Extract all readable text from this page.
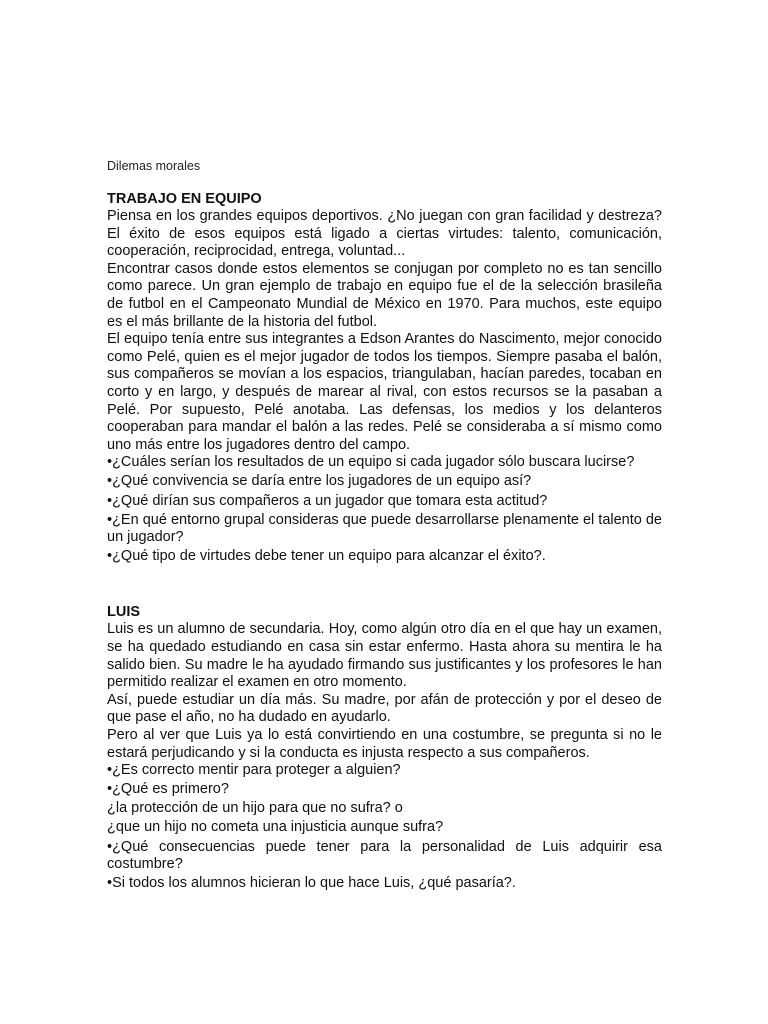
Dilemas morales

TRABAJO EN EQUIPO

Piensa en los grandes equipos deportivos. ¿No juegan con gran facilidad y destreza? El éxito de esos equipos está ligado a ciertas virtudes: talento, comunicación, cooperación, reciprocidad, entrega, voluntad...

Encontrar casos donde estos elementos se conjugan por completo no es tan sencillo como parece. Un gran ejemplo de trabajo en equipo fue el de la selección brasileña de futbol en el Campeonato Mundial de México en 1970. Para muchos, este equipo es el más brillante de la historia del futbol.

El equipo tenía entre sus integrantes a Edson Arantes do Nascimento, mejor conocido como Pelé, quien es el mejor jugador de todos los tiempos. Siempre pasaba el balón, sus compañeros se movían a los espacios, triangulaban, hacían paredes, tocaban en corto y en largo, y después de marear al rival, con estos recursos se la pasaban a Pelé. Por supuesto, Pelé anotaba. Las defensas, los medios y los delanteros cooperaban para mandar el balón a las redes. Pelé se consideraba a sí mismo como uno más entre los jugadores dentro del campo.

•¿Cuáles serían los resultados de un equipo si cada jugador sólo buscara lucirse?

•¿Qué convivencia se daría entre los jugadores de un equipo así?

•¿Qué dirían sus compañeros a un jugador que tomara esta actitud?

•¿En qué entorno grupal consideras que puede desarrollarse plenamente el talento de un jugador?

•¿Qué tipo de virtudes debe tener un equipo para alcanzar el éxito?.

LUIS

Luis es un alumno de secundaria. Hoy, como algún otro día en el que hay un examen, se ha quedado estudiando en casa sin estar enfermo. Hasta ahora su mentira le ha salido bien. Su madre le ha ayudado firmando sus justificantes y los profesores le han permitido realizar el examen en otro momento.

Así, puede estudiar un día más. Su madre, por afán de protección y por el deseo de que pase el año, no ha dudado en ayudarlo.

Pero al ver que Luis ya lo está convirtiendo en una costumbre, se pregunta si no le estará perjudicando y si la conducta es injusta respecto a sus compañeros.

•¿Es correcto mentir para proteger a alguien?

•¿Qué es primero?

¿la protección de un hijo para que no sufra? o

¿que un hijo no cometa una injusticia aunque sufra?

•¿Qué consecuencias puede tener para la personalidad de Luis adquirir esa costumbre?

•Si todos los alumnos hicieran lo que hace Luis, ¿qué pasaría?.
